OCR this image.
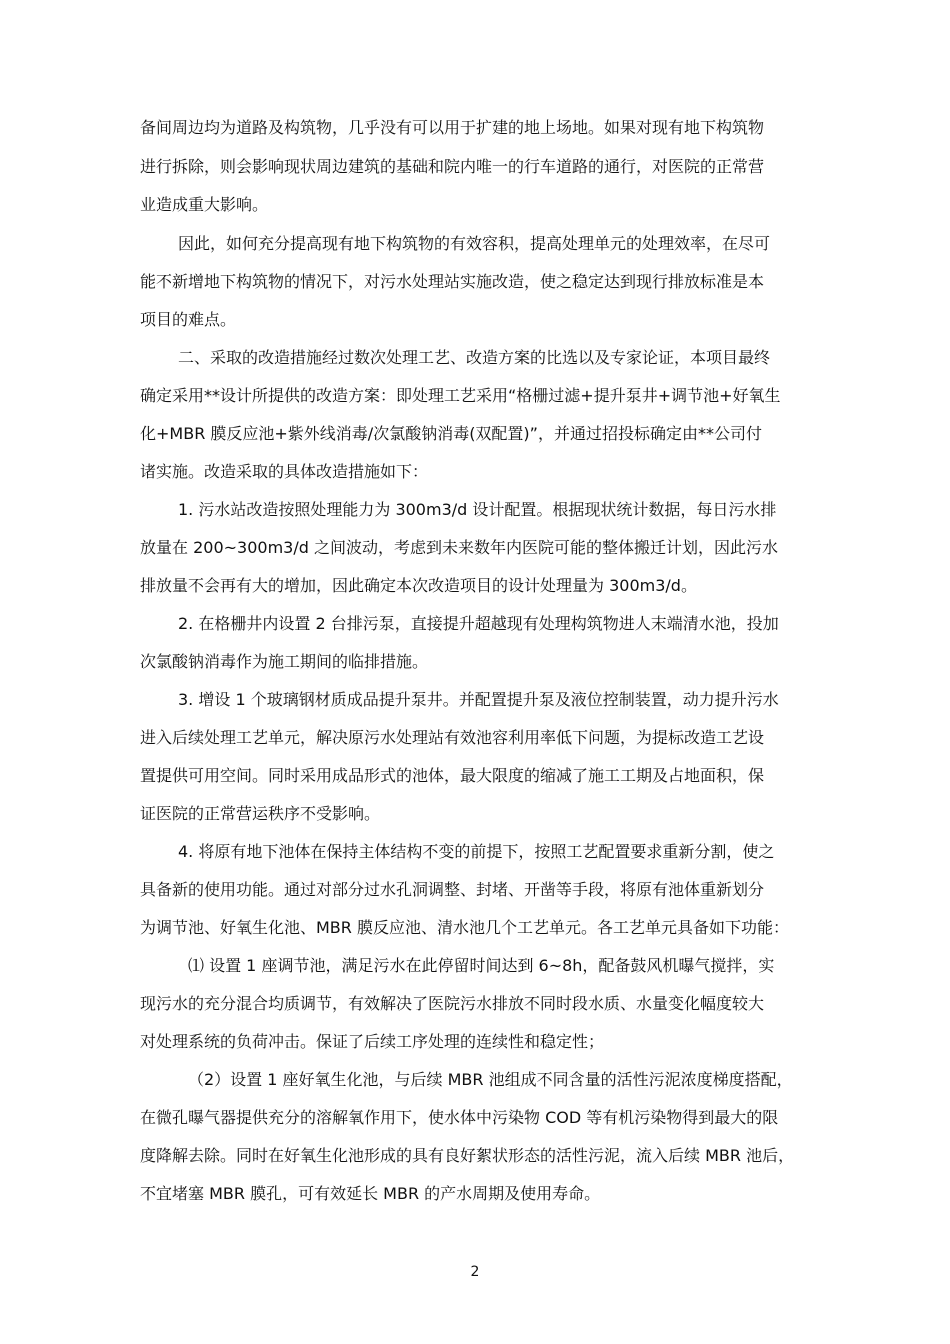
备间周边均为道路及构筑物，几乎没有可以用于扩建的地上场地。如果对现有地下构筑物
进行拆除，则会影响现状周边建筑的基础和院内唯一的行车道路的通行，对医院的正常营
业造成重大影响。
因此，如何充分提高现有地下构筑物的有效容积，提高处理单元的处理效率，在尽可
能不新增地下构筑物的情况下，对污水处理站实施改造，使之稳定达到现行排放标准是本
项目的难点。
二、采取的改造措施经过数次处理工艺、改造方案的比选以及专家论证，本项目最终
确定采用**设计所提供的改造方案：即处理工艺采用“格栅过滤+提升泵井+调节池+好氧生
化+MBR 膜反应池+紫外线消毒/次氯酸钠消毒(双配置)”，并通过招投标确定由**公司付
诸实施。改造采取的具体改造措施如下：
1. 污水站改造按照处理能力为 300m3/d 设计配置。根据现状统计数据，每日污水排
放量在 200~300m3/d 之间波动，考虑到未来数年内医院可能的整体搬迁计划，因此污水
排放量不会再有大的增加，因此确定本次改造项目的设计处理量为 300m3/d。
2. 在格栅井内设置 2 台排污泵，直接提升超越现有处理构筑物进人末端清水池，投加
次氯酸钠消毒作为施工期间的临排措施。
3. 增设 1 个玻璃钢材质成品提升泵井。并配置提升泵及液位控制装置，动力提升污水
进入后续处理工艺单元，解决原污水处理站有效池容利用率低下问题，为提标改造工艺设
置提供可用空间。同时采用成品形式的池体，最大限度的缩减了施工工期及占地面积，保
证医院的正常营运秩序不受影响。
4. 将原有地下池体在保持主体结构不变的前提下，按照工艺配置要求重新分割，使之
具备新的使用功能。通过对部分过水孔洞调整、封堵、开凿等手段，将原有池体重新划分
为调节池、好氧生化池、MBR 膜反应池、清水池几个工艺单元。各工艺单元具备如下功能：
⑴ 设置 1 座调节池，满足污水在此停留时间达到 6~8h，配备鼓风机曝气搅拌，实
现污水的充分混合均质调节，有效解决了医院污水排放不同时段水质、水量变化幅度较大
对处理系统的负荷冲击。保证了后续工序处理的连续性和稳定性；
（2）设置 1 座好氧生化池，与后续 MBR 池组成不同含量的活性污泥浓度梯度搭配，
在微孔曝气器提供充分的溶解氧作用下，使水体中污染物 COD 等有机污染物得到最大的限
度降解去除。同时在好氧生化池形成的具有良好絮状形态的活性污泥，流入后续 MBR 池后，
不宜堵塞 MBR 膜孔，可有效延长 MBR 的产水周期及使用寿命。
2
